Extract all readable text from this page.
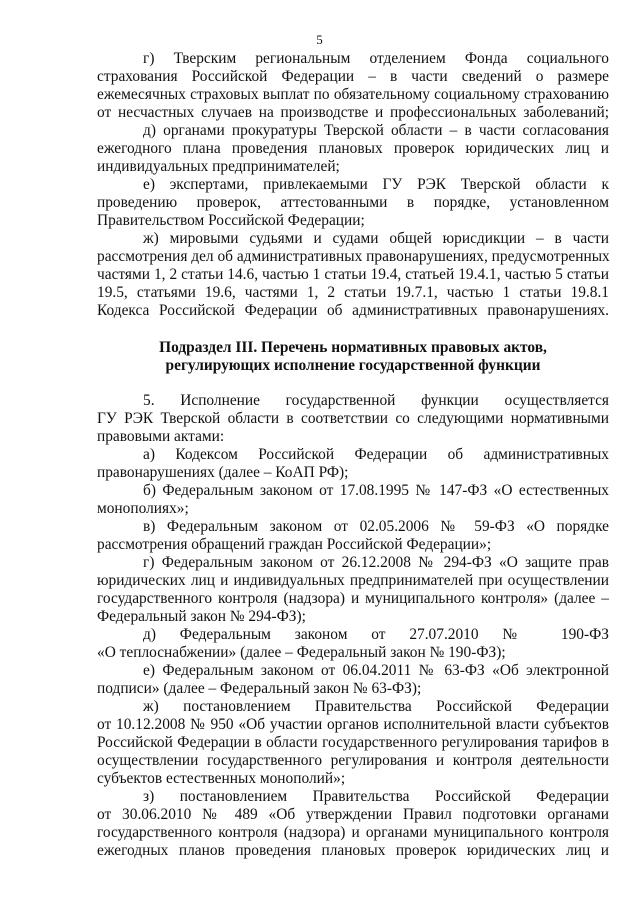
5
г) Тверским региональным отделением Фонда социального
страхования Российской Федерации – в части сведений о размере
ежемесячных страховых выплат по обязательному социальному страхованию
от несчастных случаев на производстве и профессиональных заболеваний;
д) органами прокуратуры Тверской области – в части согласования
ежегодного плана проведения плановых проверок юридических лиц и
индивидуальных предпринимателей;
е) экспертами, привлекаемыми ГУ РЭК Тверской области к
проведению проверок, аттестованными в порядке, установленном
Правительством Российской Федерации;
ж) мировыми судьями и судами общей юрисдикции – в части
рассмотрения дел об административных правонарушениях, предусмотренных
частями 1, 2 статьи 14.6, частью 1 статьи 19.4, статьей 19.4.1, частью 5 статьи
19.5, статьями 19.6, частями 1, 2 статьи 19.7.1, частью 1 статьи 19.8.1
Кодекса Российской Федерации об административных правонарушениях.
Подраздел III. Перечень нормативных правовых актов,
регулирующих исполнение государственной функции
5. Исполнение государственной функции осуществляется
ГУ РЭК Тверской области в соответствии со следующими нормативными
правовыми актами:
а) Кодексом Российской Федерации об административных
правонарушениях (далее – КоАП РФ);
б) Федеральным законом от 17.08.1995 № 147-ФЗ «О естественных
монополиях»;
в) Федеральным законом от 02.05.2006 № 59-ФЗ «О порядке
рассмотрения обращений граждан Российской Федерации»;
г) Федеральным законом от 26.12.2008 № 294-ФЗ «О защите прав
юридических лиц и индивидуальных предпринимателей при осуществлении
государственного контроля (надзора) и муниципального контроля» (далее –
Федеральный закон № 294-ФЗ);
д) Федеральным законом от 27.07.2010 № 190-ФЗ
«О теплоснабжении» (далее – Федеральный закон № 190-ФЗ);
е) Федеральным законом от 06.04.2011 № 63-ФЗ «Об электронной
подписи» (далее – Федеральный закон № 63-ФЗ);
ж) постановлением Правительства Российской Федерации
от 10.12.2008 № 950 «Об участии органов исполнительной власти субъектов
Российской Федерации в области государственного регулирования тарифов в
осуществлении государственного регулирования и контроля деятельности
субъектов естественных монополий»;
з) постановлением Правительства Российской Федерации
от 30.06.2010 № 489 «Об утверждении Правил подготовки органами
государственного контроля (надзора) и органами муниципального контроля
ежегодных планов проведения плановых проверок юридических лиц и
